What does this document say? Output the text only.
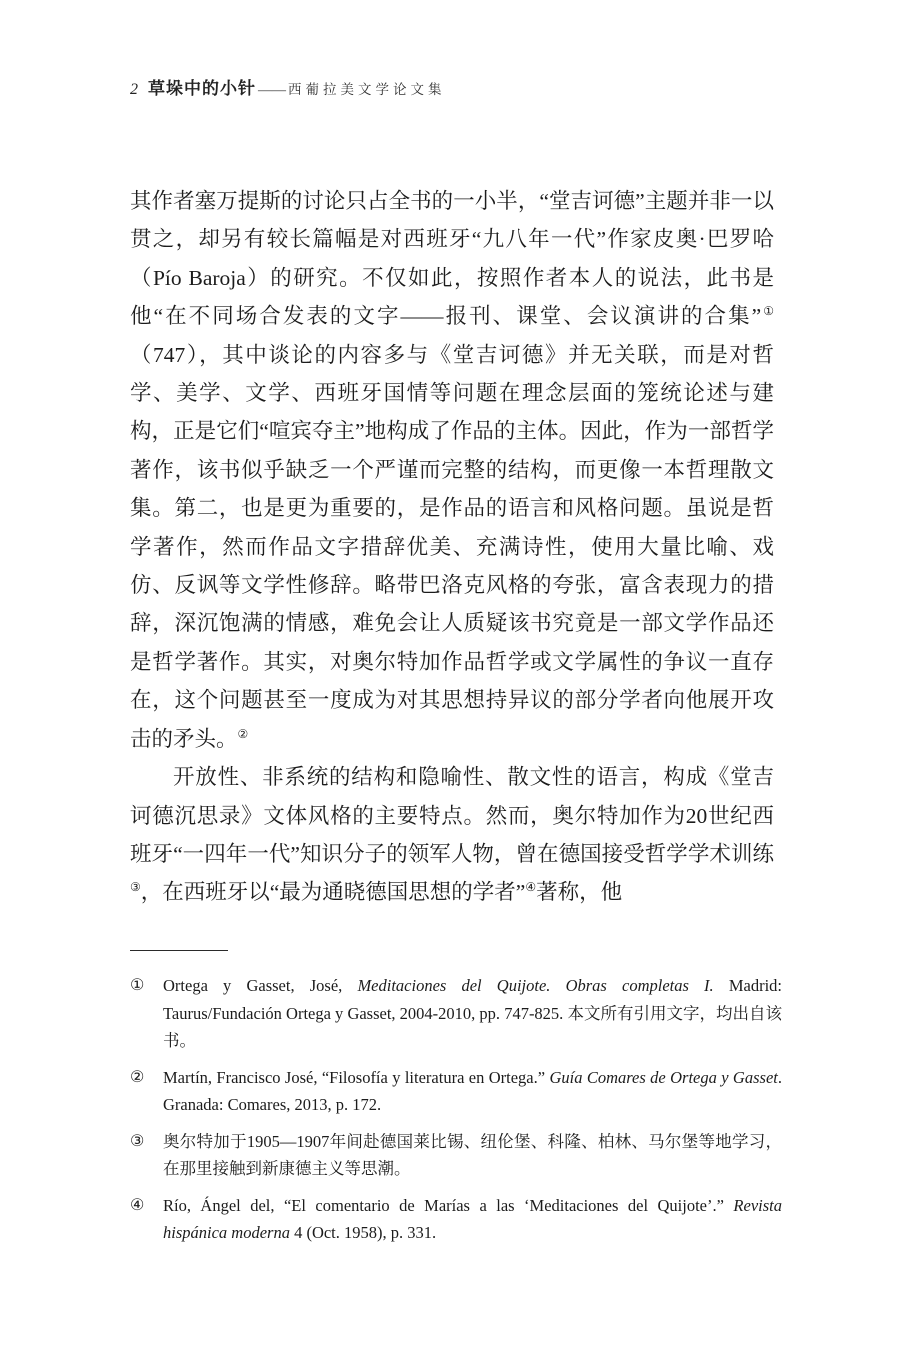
2 草垛中的小针 —— 西葡拉美文学论文集

其作者塞万提斯的讨论只占全书的一小半，“堂吉诃德”主题并非一以贯之，却另有较长篇幅是对西班牙“九八年一代”作家皮奥·巴罗哈（Pío Baroja）的研究。不仅如此，按照作者本人的说法，此书是他“在不同场合发表的文字——报刊、课堂、会议演讲的合集”①（747），其中谈论的内容多与《堂吉诃德》并无关联，而是对哲学、美学、文学、西班牙国情等问题在理念层面的笼统论述与建构，正是它们“喧宾夺主”地构成了作品的主体。因此，作为一部哲学著作，该书似乎缺乏一个严谨而完整的结构，而更像一本哲理散文集。第二，也是更为重要的，是作品的语言和风格问题。虽说是哲学著作，然而作品文字措辞优美、充满诗性，使用大量比喻、戏仿、反讽等文学性修辞。略带巴洛克风格的夸张，富含表现力的措辞，深沉饱满的情感，难免会让人质疑该书究竟是一部文学作品还是哲学著作。其实，对奥尔特加作品哲学或文学属性的争议一直存在，这个问题甚至一度成为对其思想持异议的部分学者向他展开攻击的矛头。②

开放性、非系统的结构和隐喻性、散文性的语言，构成《堂吉诃德沉思录》文体风格的主要特点。然而，奥尔特加作为20世纪西班牙“一四年一代”知识分子的领军人物，曾在德国接受哲学学术训练③，在西班牙以“最为通晓德国思想的学者”④著称，他

①	Ortega y Gasset, José, Meditaciones del Quijote. Obras completas I. Madrid: Taurus/Fundación Ortega y Gasset, 2004-2010, pp. 747-825. 本文所有引用文字，均出自该书。
②	Martín, Francisco José, “Filosofía y literatura en Ortega.” Guía Comares de Ortega y Gasset. Granada: Comares, 2013, p. 172.
③	奥尔特加于1905—1907年间赴德国莱比锡、纽伦堡、科隆、柏林、马尔堡等地学习，在那里接触到新康德主义等思潮。
④	Río, Ángel del, “El comentario de Marías a las ‘Meditaciones del Quijote’.” Revista hispánica moderna 4 (Oct. 1958), p. 331.
